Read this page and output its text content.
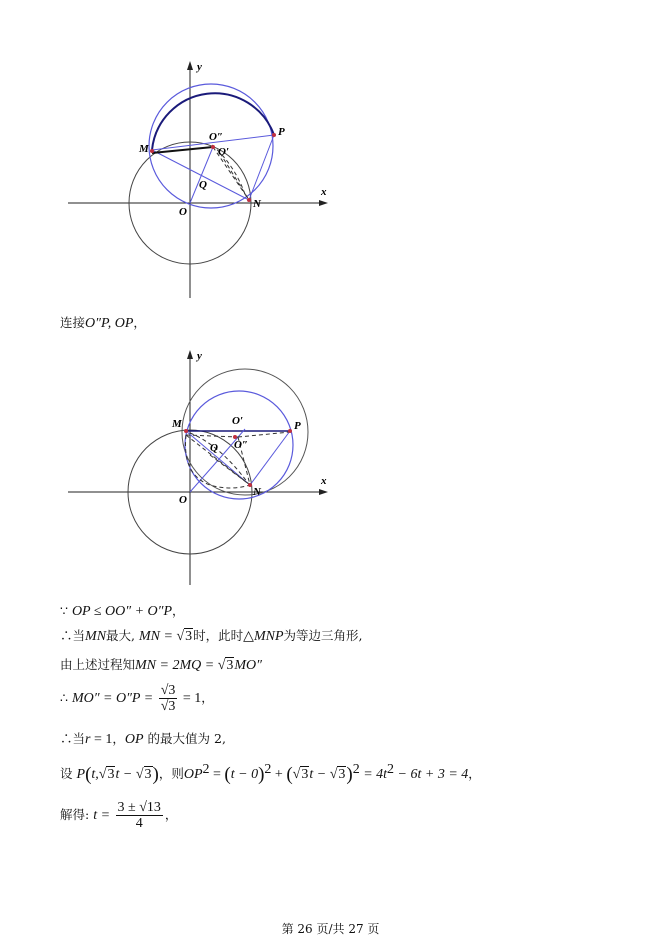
x
y
M
P
N
O
Q
O″
O′
连接O″P, OP，
x
y
M	P
N
O
Q
O′
O″
∵ OP ≤ OO″ + O″P，
∴当MN最大, MN = √3时，此时△MNP为等边三角形,
由上述过程知MN = 2MQ = √3MO″
∴ $MO'' = O''P = \frac{√3}{√3} = 1$，
∴当r = 1，OP 的最大值为 2,
设 P(t,√3t − √3)，则$OP^2 = (t - 0)^2 + (√3t - √3)^2 = 4t^2 - 6t + 3 = 4$，
解得: $t = \frac{3 \pm √13}{4}$ ，
第 26 页/共 27 页
